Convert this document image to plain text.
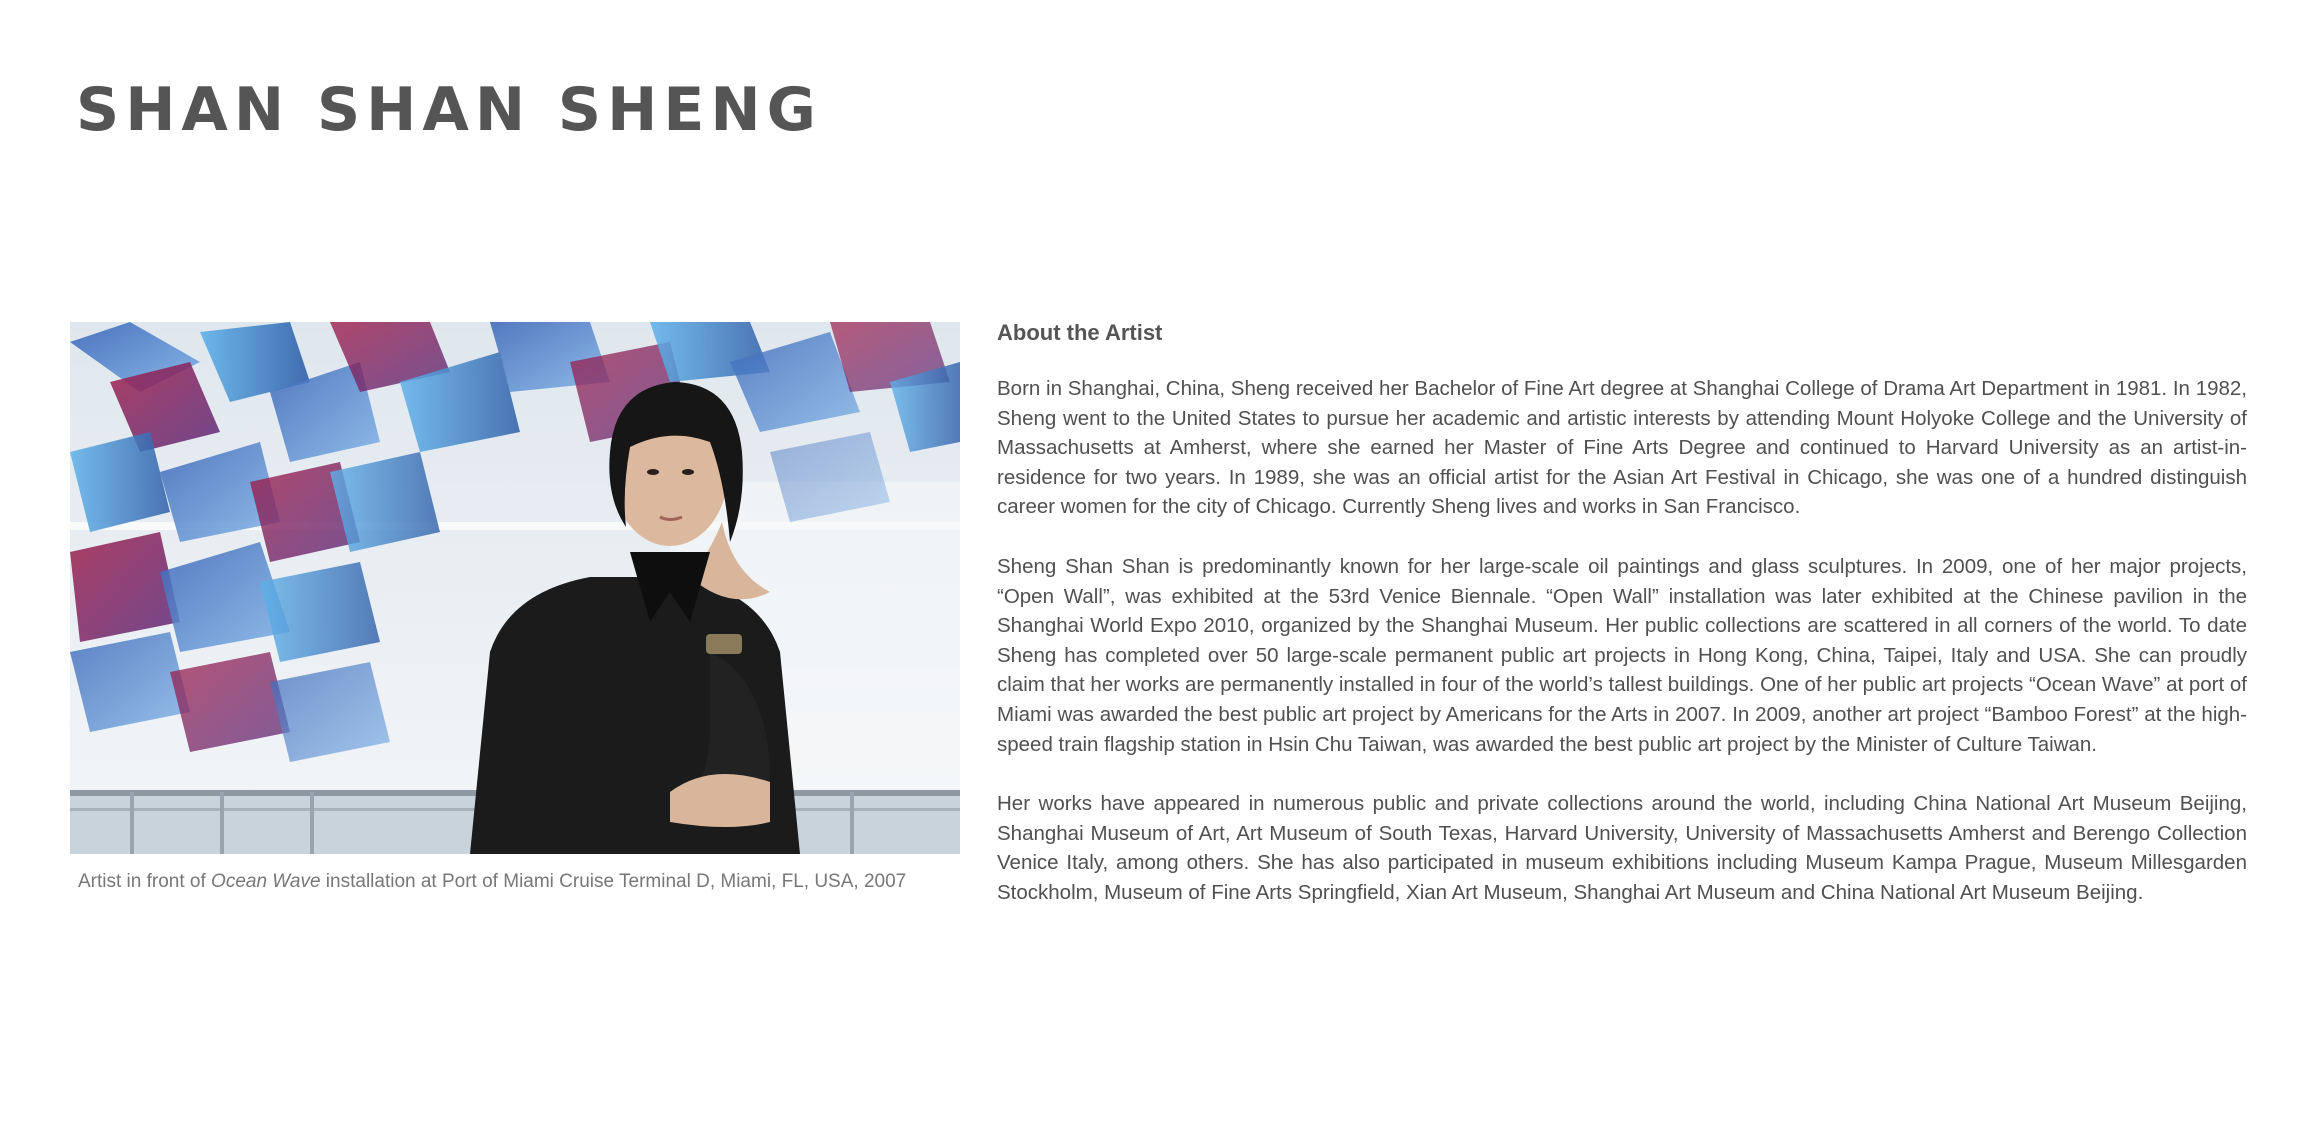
SHAN SHAN SHENG
Artist in front of Ocean Wave installation at Port of Miami Cruise Terminal D, Miami, FL, USA, 2007
About the Artist

Born in Shanghai, China, Sheng received her Bachelor of Fine Art degree at Shanghai College of Drama Art Department in 1981. In 1982, Sheng went to the United States to pursue her academic and artistic interests by attending Mount Holyoke College and the University of Massachusetts at Amherst, where she earned her Master of Fine Arts Degree and continued to Harvard University as an artist-in-residence for two years. In 1989, she was an official artist for the Asian Art Festival in Chicago, she was one of a hundred distinguish career women for the city of Chicago. Currently Sheng lives and works in San Francisco.

Sheng Shan Shan is predominantly known for her large-scale oil paintings and glass sculptures. In 2009, one of her major projects, “Open Wall”, was exhibited at the 53rd Venice Biennale. “Open Wall” installation was later exhibited at the Chinese pavilion in the Shanghai World Expo 2010, organized by the Shanghai Museum. Her public collections are scattered in all corners of the world. To date Sheng has completed over 50 large-scale permanent public art projects in Hong Kong, China, Taipei, Italy and USA. She can proudly claim that her works are permanently installed in four of the world’s tallest buildings. One of her public art projects “Ocean Wave” at port of Miami was awarded the best public art project by Americans for the Arts in 2007. In 2009, another art project “Bamboo Forest” at the high-speed train flagship station in Hsin Chu Taiwan, was awarded the best public art project by the Minister of Culture Taiwan.

Her works have appeared in numerous public and private collections around the world, including China National Art Museum Beijing, Shanghai Museum of Art, Art Museum of South Texas, Harvard University, University of Massachusetts Amherst and Berengo Collection Venice Italy, among others. She has also participated in museum exhibitions including Museum Kampa Prague, Museum Millesgarden Stockholm, Museum of Fine Arts Springfield, Xian Art Museum, Shanghai Art Museum and China National Art Museum Beijing.
